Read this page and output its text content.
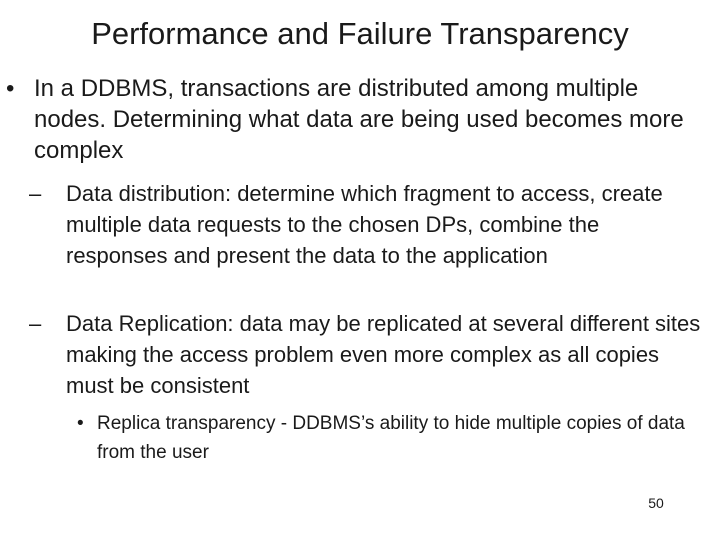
Performance and Failure Transparency
• In a DDBMS, transactions are distributed among multiple nodes. Determining what data are being used becomes more complex
–	Data distribution: determine which fragment to access, create multiple data requests to the chosen DPs, combine the responses and present the data to the application
–	Data Replication: data may be replicated at several different sites making the access problem even more complex as all copies must be consistent
• Replica transparency - DDBMS’s ability to hide multiple copies of data from the user
50
